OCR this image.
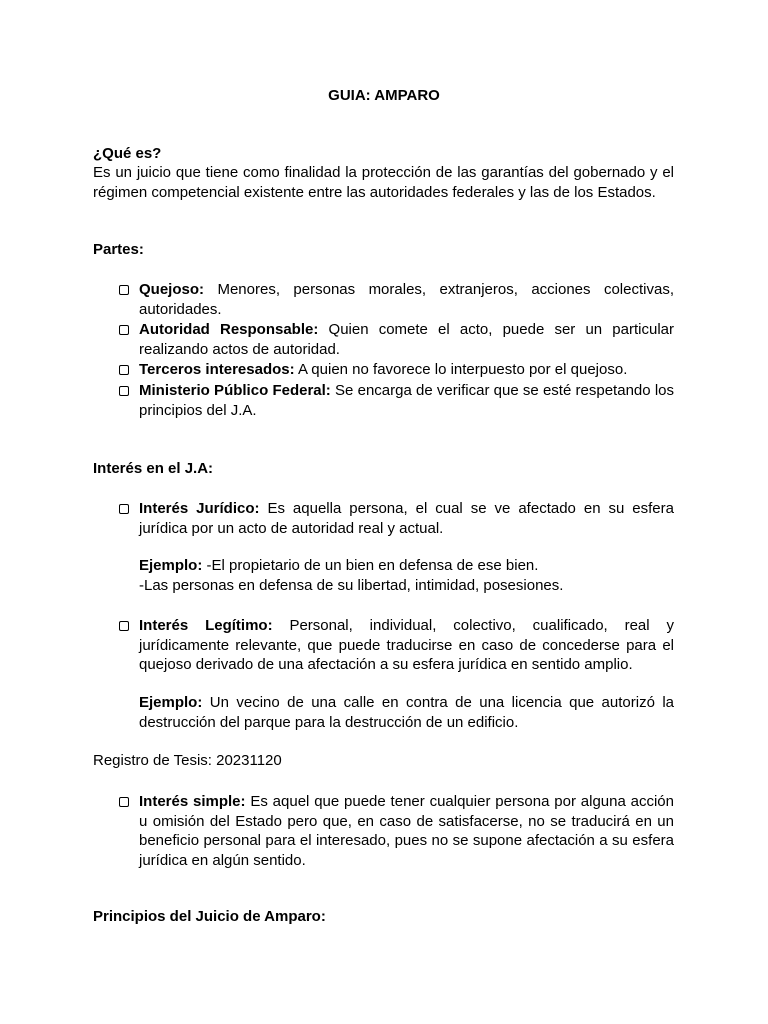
GUIA: AMPARO
¿Qué es?
Es un juicio que tiene como finalidad la protección de las garantías del gobernado y el régimen competencial existente entre las autoridades federales y las de los Estados.
Partes:
Quejoso: Menores, personas morales, extranjeros, acciones colectivas, autoridades.
Autoridad Responsable: Quien comete el acto, puede ser un particular realizando actos de autoridad.
Terceros interesados: A quien no favorece lo interpuesto por el quejoso.
Ministerio Público Federal: Se encarga de verificar que se esté respetando los principios del J.A.
Interés en el J.A:
Interés Jurídico: Es aquella persona, el cual se ve afectado en su esfera jurídica por un acto de autoridad real y actual.
Ejemplo: -El propietario de un bien en defensa de ese bien.
-Las personas en defensa de su libertad, intimidad, posesiones.
Interés Legítimo: Personal, individual, colectivo, cualificado, real y jurídicamente relevante, que puede traducirse en caso de concederse para el quejoso derivado de una afectación a su esfera jurídica en sentido amplio.
Ejemplo: Un vecino de una calle en contra de una licencia que autorizó la destrucción del parque para la destrucción de un edificio.
Registro de Tesis: 20231120
Interés simple: Es aquel que puede tener cualquier persona por alguna acción u omisión del Estado pero que, en caso de satisfacerse, no se traducirá en un beneficio personal para el interesado, pues no se supone afectación a su esfera jurídica en algún sentido.
Principios del Juicio de Amparo:
